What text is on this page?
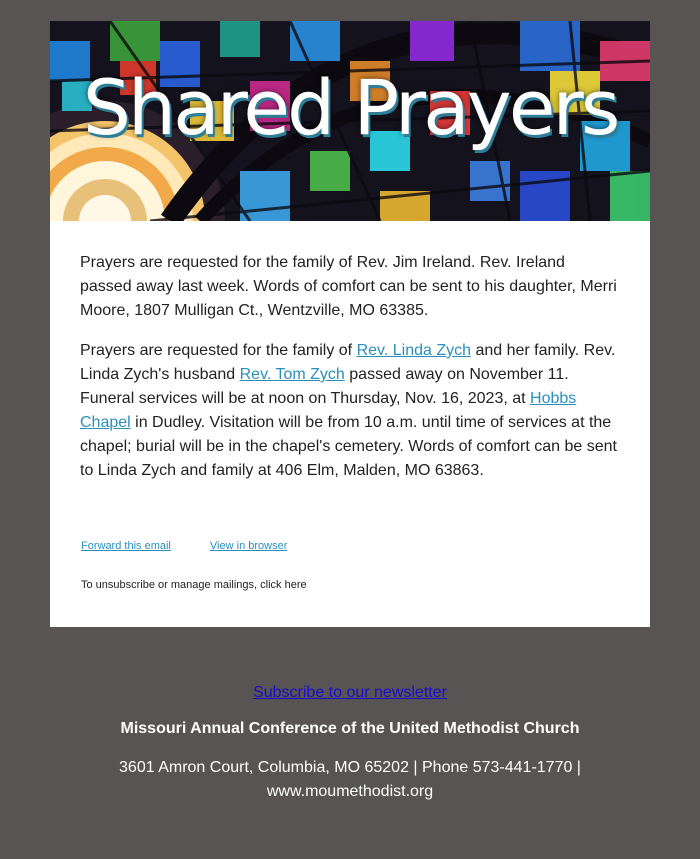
Shared Prayers

Prayers are requested for the family of Rev. Jim Ireland. Rev. Ireland passed away last week. Words of comfort can be sent to his daughter, Merri Moore, 1807 Mulligan Ct., Wentzville, MO 63385.

Prayers are requested for the family of Rev. Linda Zych and her family. Rev. Linda Zych's husband Rev. Tom Zych passed away on November 11. Funeral services will be at noon on Thursday, Nov. 16, 2023, at Hobbs Chapel in Dudley. Visitation will be from 10 a.m. until time of services at the chapel; burial will be in the chapel's cemetery. Words of comfort can be sent to Linda Zych and family at 406 Elm, Malden, MO 63863.

Forward this email	View in browser
To unsubscribe or manage mailings, click here
Subscribe to our newsletter
Missouri Annual Conference of the United Methodist Church
3601 Amron Court, Columbia, MO 65202 | Phone 573-441-1770 |
www.moumethodist.org
